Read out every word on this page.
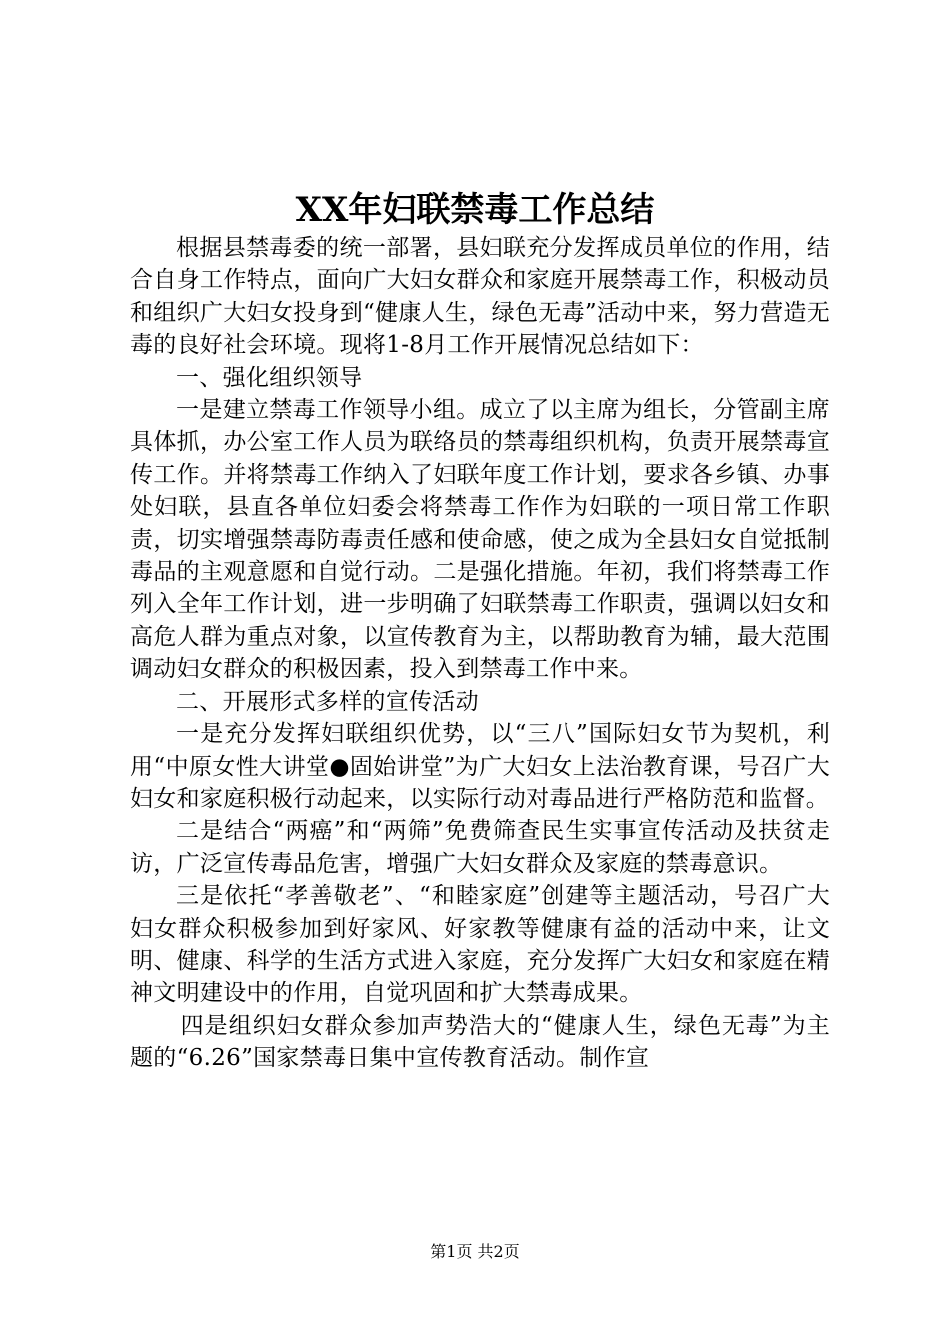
XX年妇联禁毒工作总结

根据县禁毒委的统一部署，县妇联充分发挥成员单位的作用，结合自身工作特点，面向广大妇女群众和家庭开展禁毒工作，积极动员和组织广大妇女投身到“健康人生，绿色无毒”活动中来，努力营造无毒的良好社会环境。现将1-8月工作开展情况总结如下：

一、强化组织领导

一是建立禁毒工作领导小组。成立了以主席为组长，分管副主席具体抓，办公室工作人员为联络员的禁毒组织机构，负责开展禁毒宣传工作。并将禁毒工作纳入了妇联年度工作计划，要求各乡镇、办事处妇联，县直各单位妇委会将禁毒工作作为妇联的一项日常工作职责，切实增强禁毒防毒责任感和使命感，使之成为全县妇女自觉抵制毒品的主观意愿和自觉行动。二是强化措施。年初，我们将禁毒工作列入全年工作计划，进一步明确了妇联禁毒工作职责，强调以妇女和高危人群为重点对象，以宣传教育为主，以帮助教育为辅，最大范围调动妇女群众的积极因素，投入到禁毒工作中来。

二、开展形式多样的宣传活动

一是充分发挥妇联组织优势，以“三八”国际妇女节为契机，利用“中原女性大讲堂●固始讲堂”为广大妇女上法治教育课，号召广大妇女和家庭积极行动起来，以实际行动对毒品进行严格防范和监督。

二是结合“两癌”和“两筛”免费筛查民生实事宣传活动及扶贫走访，广泛宣传毒品危害，增强广大妇女群众及家庭的禁毒意识。

三是依托“孝善敬老”、“和睦家庭”创建等主题活动，号召广大妇女群众积极参加到好家风、好家教等健康有益的活动中来，让文明、健康、科学的生活方式进入家庭，充分发挥广大妇女和家庭在精神文明建设中的作用，自觉巩固和扩大禁毒成果。

四是组织妇女群众参加声势浩大的“健康人生，绿色无毒”为主题的“6.26”国家禁毒日集中宣传教育活动。制作宣

第1页 共2页
